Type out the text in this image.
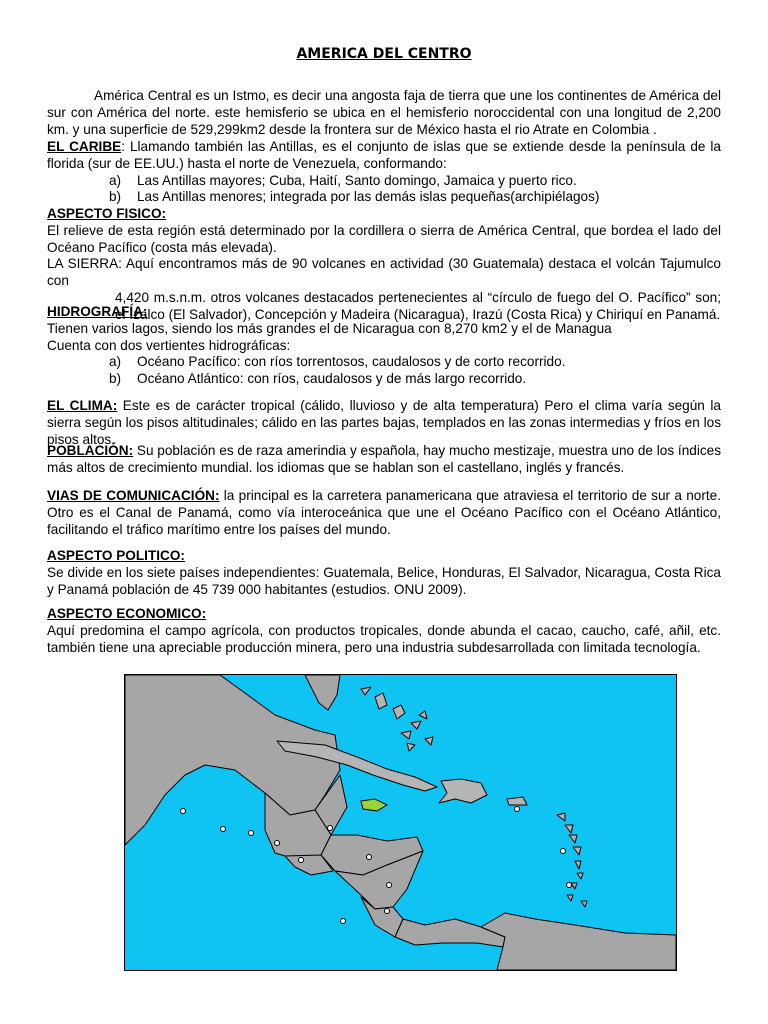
AMERICA DEL CENTRO
América Central es un Istmo, es decir una angosta faja de tierra que une los continentes de América del sur con América del norte. este hemisferio se ubica en el hemisferio noroccidental con una longitud de 2,200 km. y una superficie de 529,299km2 desde la frontera sur de México hasta el rio Atrate en Colombia .
EL CARIBE: Llamando también las Antillas, es el conjunto de islas que se extiende desde la península de la florida (sur de EE.UU.) hasta el norte de Venezuela, conformando:
a)	Las Antillas mayores; Cuba, Haití, Santo domingo, Jamaica y puerto rico.
b)	Las Antillas menores; integrada por las demás islas pequeñas(archipiélagos)
ASPECTO FISICO:
El relieve de esta región está determinado por la cordillera o sierra de América Central, que bordea el lado del Océano Pacífico (costa más elevada).
LA SIERRA: Aquí encontramos más de 90 volcanes en actividad (30 Guatemala) destaca el volcán Tajumulco con
4,420 m.s.n.m. otros volcanes destacados pertenecientes al “círculo de fuego del O. Pacífico” son; el Izalco (El Salvador), Concepción y Madeira (Nicaragua), Irazú (Costa Rica) y Chiriquí en Panamá.
HIDROGRAFÍA:
Tienen varios lagos, siendo los más grandes el de Nicaragua con 8,270 km2 y el de Managua
Cuenta con dos vertientes hidrográficas:
a)	Océano Pacífico: con ríos torrentosos, caudalosos y de corto recorrido.
b)	Océano Atlántico: con ríos, caudalosos y de más largo recorrido.
EL CLIMA: Este es de carácter tropical (cálido, lluvioso y de alta temperatura) Pero el clima varía según la sierra según los pisos altitudinales; cálido en las partes bajas, templados en las zonas intermedias y fríos en los pisos altos.
POBLACIÓN: Su población es de raza amerindia y española, hay mucho mestizaje, muestra uno de los índices más altos de crecimiento mundial. los idiomas que se hablan son el castellano, inglés y francés.
VIAS DE COMUNICACIÓN: la principal es la carretera panamericana que atraviesa el territorio de sur a norte. Otro es el Canal de Panamá, como vía interoceánica que une el Océano Pacífico con el Océano Atlántico, facilitando el tráfico marítimo entre los países del mundo.
ASPECTO POLITICO:
Se divide en los siete países independientes: Guatemala, Belice, Honduras, El Salvador, Nicaragua, Costa Rica y Panamá población de 45 739 000 habitantes (estudios. ONU 2009).
ASPECTO ECONOMICO:
Aquí predomina el campo agrícola, con productos tropicales, donde abunda el cacao, caucho, café, añil, etc. también tiene una apreciable producción minera, pero una industria subdesarrollada con limitada tecnología.
